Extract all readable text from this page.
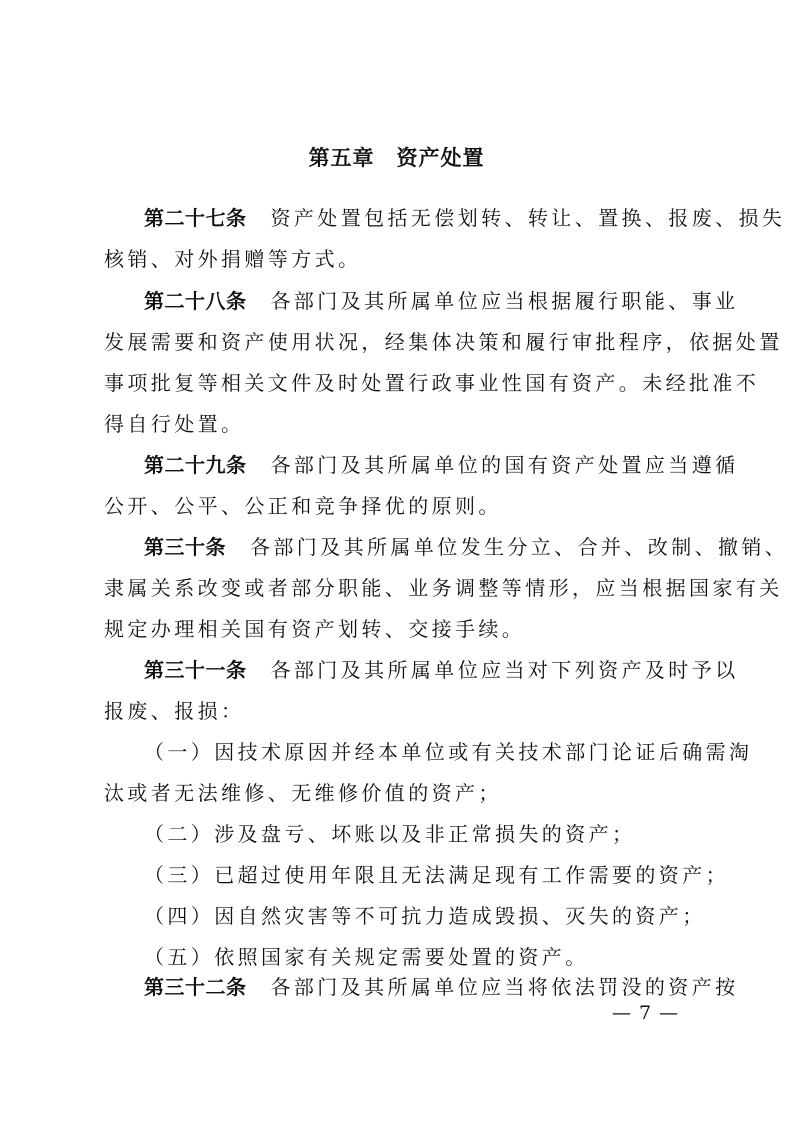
第五章　资产处置
第二十七条 资产处置包括无偿划转、转让、置换、报废、损失
核销、对外捐赠等方式。
第二十八条 各部门及其所属单位应当根据履行职能、事业
发展需要和资产使用状况，经集体决策和履行审批程序，依据处置
事项批复等相关文件及时处置行政事业性国有资产。未经批准不
得自行处置。
第二十九条 各部门及其所属单位的国有资产处置应当遵循
公开、公平、公正和竞争择优的原则。
第三十条 各部门及其所属单位发生分立、合并、改制、撤销、
隶属关系改变或者部分职能、业务调整等情形，应当根据国家有关
规定办理相关国有资产划转、交接手续。
第三十一条 各部门及其所属单位应当对下列资产及时予以
报废、报损：
（一）因技术原因并经本单位或有关技术部门论证后确需淘
汰或者无法维修、无维修价值的资产；
（二）涉及盘亏、坏账以及非正常损失的资产；
（三）已超过使用年限且无法满足现有工作需要的资产；
（四）因自然灾害等不可抗力造成毁损、灭失的资产；
（五）依照国家有关规定需要处置的资产。
第三十二条 各部门及其所属单位应当将依法罚没的资产按
— 7 —
